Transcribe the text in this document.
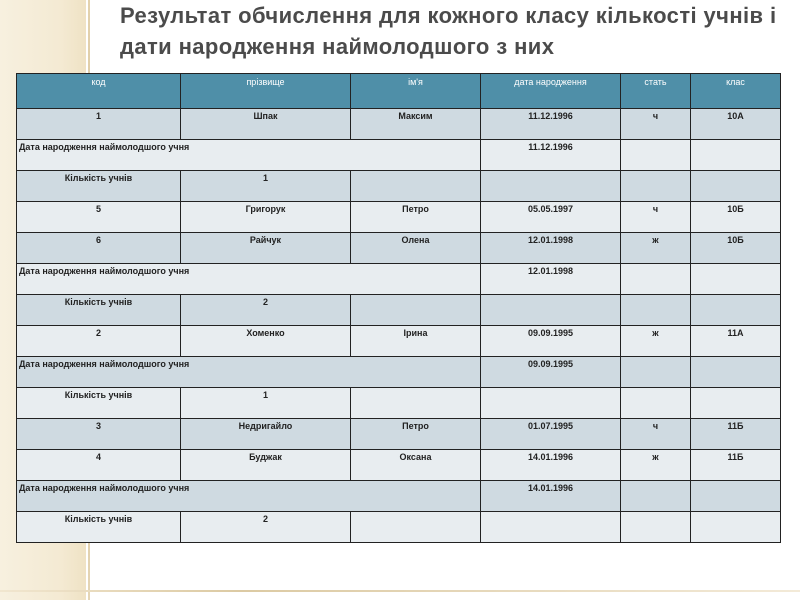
Результат обчислення для кожного класу кількості учнів і дати народження наймолодшого з них
код	прізвище	ім'я	дата народження	стать	клас
1	Шпак	Максим	11.12.1996	ч	10А
Дата народження наймолодшого учня			11.12.1996		
Кількість учнів	1				
5	Григорук	Петро	05.05.1997	ч	10Б
6	Райчук	Олена	12.01.1998	ж	10Б
Дата народження наймолодшого учня			12.01.1998		
Кількість учнів	2				
2	Хоменко	Ірина	09.09.1995	ж	11А
Дата народження наймолодшого учня			09.09.1995		
Кількість учнів	1				
3	Недригайло	Петро	01.07.1995	ч	11Б
4	Буджак	Оксана	14.01.1996	ж	11Б
Дата народження наймолодшого учня			14.01.1996		
Кількість учнів	2				
